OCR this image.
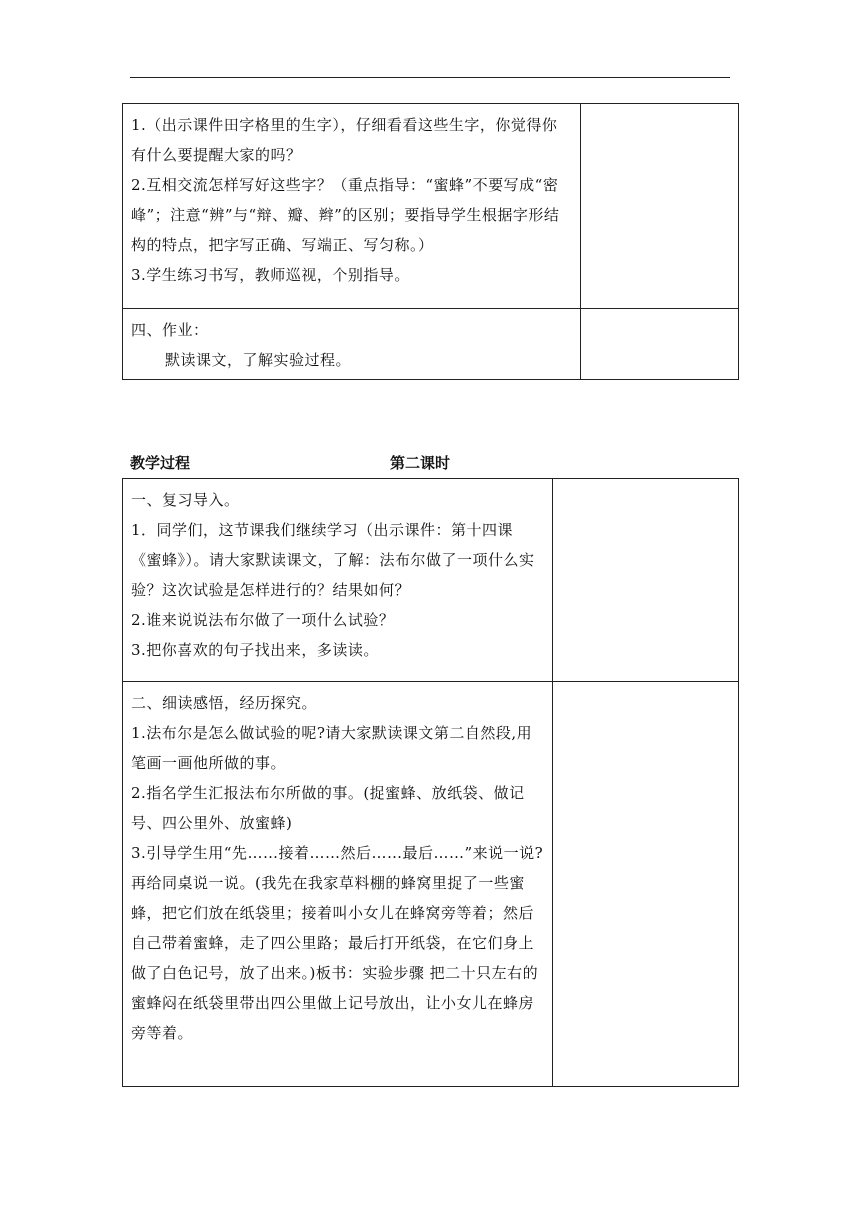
1.（出示课件田字格里的生字），仔细看看这些生字，你觉得你有什么要提醒大家的吗？

2.互相交流怎样写好这些字？（重点指导：“蜜蜂”不要写成“密峰”；注意“辨”与“辩、瓣、辫”的区别；要指导学生根据字形结构的特点，把字写正确、写端正、写匀称。）

3.学生练习书写，教师巡视，个别指导。	

四、作业：

默读课文，了解实验过程。	

教学过程	第二课时

一、复习导入。

1．同学们，这节课我们继续学习（出示课件：第十四课《蜜蜂》）。请大家默读课文，了解：法布尔做了一项什么实验？这次试验是怎样进行的？结果如何？

2.谁来说说法布尔做了一项什么试验？

3.把你喜欢的句子找出来，多读读。	

二、细读感悟，经历探究。

1.法布尔是怎么做试验的呢?请大家默读课文第二自然段,用笔画一画他所做的事。

2.指名学生汇报法布尔所做的事。(捉蜜蜂、放纸袋、做记号、四公里外、放蜜蜂)

3.引导学生用“先……接着……然后……最后……”来说一说?再给同桌说一说。(我先在我家草料棚的蜂窝里捉了一些蜜蜂，把它们放在纸袋里；接着叫小女儿在蜂窝旁等着；然后自己带着蜜蜂，走了四公里路；最后打开纸袋，在它们身上做了白色记号，放了出来。)板书：实验步骤 把二十只左右的蜜蜂闷在纸袋里带出四公里做上记号放出，让小女儿在蜂房旁等着。	
